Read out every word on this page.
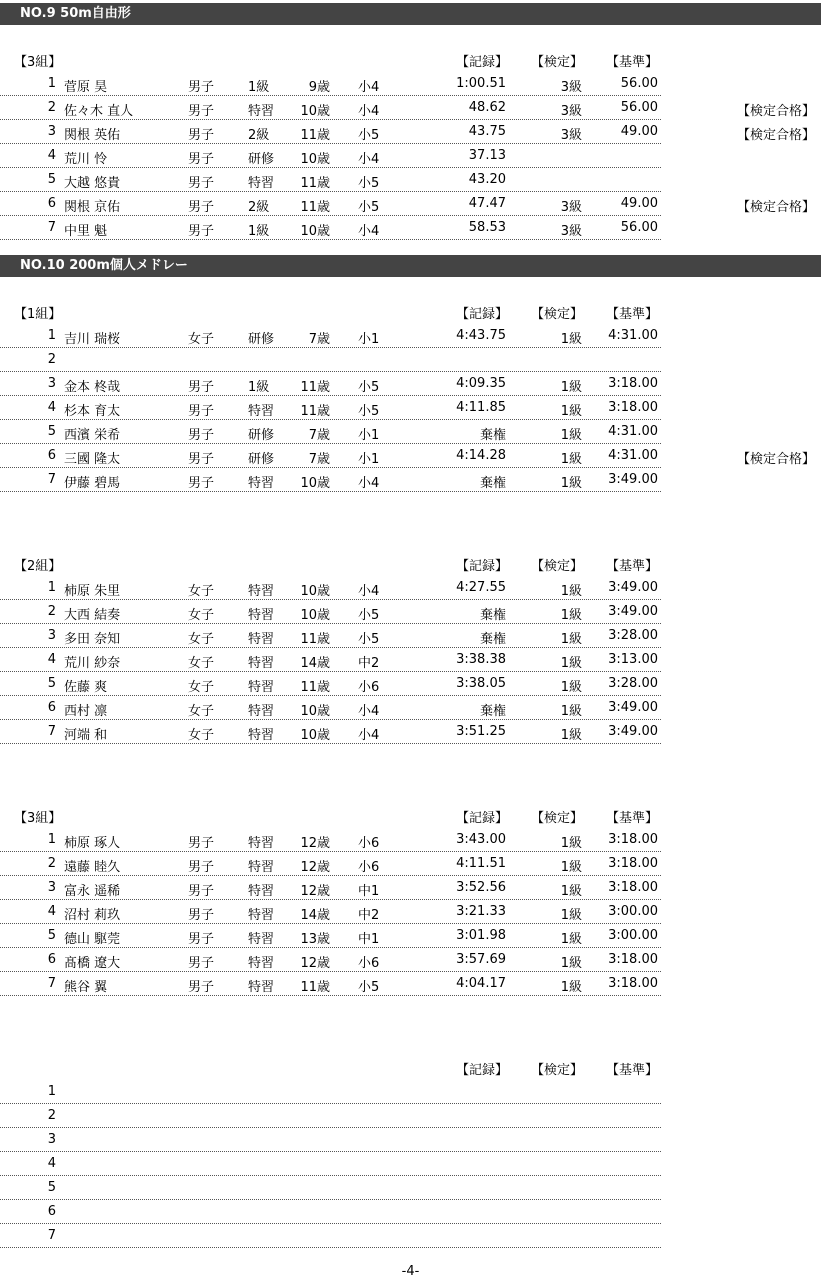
NO.9 50m自由形
NO.10 200m個人メドレー
【3組】	【記録】 【検定】 【基準】
1 菅原 昊	男子	1級	9歳 小4	1:00.51	3級	56.00
2 佐々木 直人	男子	特習	10歳 小4	48.62	3級	56.00	【検定合格】
3 関根 英佑	男子	2級	11歳 小5	43.75	3級	49.00	【検定合格】
4 荒川 怜	男子	研修	10歳 小4	37.13
5 大越 悠貴	男子	特習	11歳 小5	43.20
6 関根 京佑	男子	2級	11歳 小5	47.47	3級	49.00	【検定合格】
7 中里 魁	男子	1級	10歳 小4	58.53	3級	56.00
【1組】	【記録】 【検定】 【基準】
1 吉川 瑞桜	女子	研修	7歳 小1	4:43.75	1級	4:31.00
2
3 金本 柊哉	男子	1級	11歳 小5	4:09.35	1級	3:18.00
4 杉本 育太	男子	特習	11歳 小5	4:11.85	1級	3:18.00
5 西濱 栄希	男子	研修	7歳 小1	棄権	1級	4:31.00
6 三國 隆太	男子	研修	7歳 小1	4:14.28	1級	4:31.00	【検定合格】
7 伊藤 碧馬	男子	特習	10歳 小4	棄権	1級	3:49.00
【2組】	【記録】 【検定】 【基準】
1 柿原 朱里	女子	特習	10歳 小4	4:27.55	1級	3:49.00
2 大西 結奏	女子	特習	10歳 小5	棄権	1級	3:49.00
3 多田 奈知	女子	特習	11歳 小5	棄権	1級	3:28.00
4 荒川 紗奈	女子	特習	14歳 中2	3:38.38	1級	3:13.00
5 佐藤 爽	女子	特習	11歳 小6	3:38.05	1級	3:28.00
6 西村 凛	女子	特習	10歳 小4	棄権	1級	3:49.00
7 河端 和	女子	特習	10歳 小4	3:51.25	1級	3:49.00
【3組】	【記録】 【検定】 【基準】
1 柿原 琢人	男子	特習	12歳 小6	3:43.00	1級	3:18.00
2 遠藤 睦久	男子	特習	12歳 小6	4:11.51	1級	3:18.00
3 富永 遥稀	男子	特習	12歳 中1	3:52.56	1級	3:18.00
4 沼村 莉玖	男子	特習	14歳 中2	3:21.33	1級	3:00.00
5 德山 駆莞	男子	特習	13歳 中1	3:01.98	1級	3:00.00
6 髙橋 遼大	男子	特習	12歳 小6	3:57.69	1級	3:18.00
7 熊谷 翼	男子	特習	11歳 小5	4:04.17	1級	3:18.00
【記録】 【検定】 【基準】
1
2
3
4
5
6
7
-4-
